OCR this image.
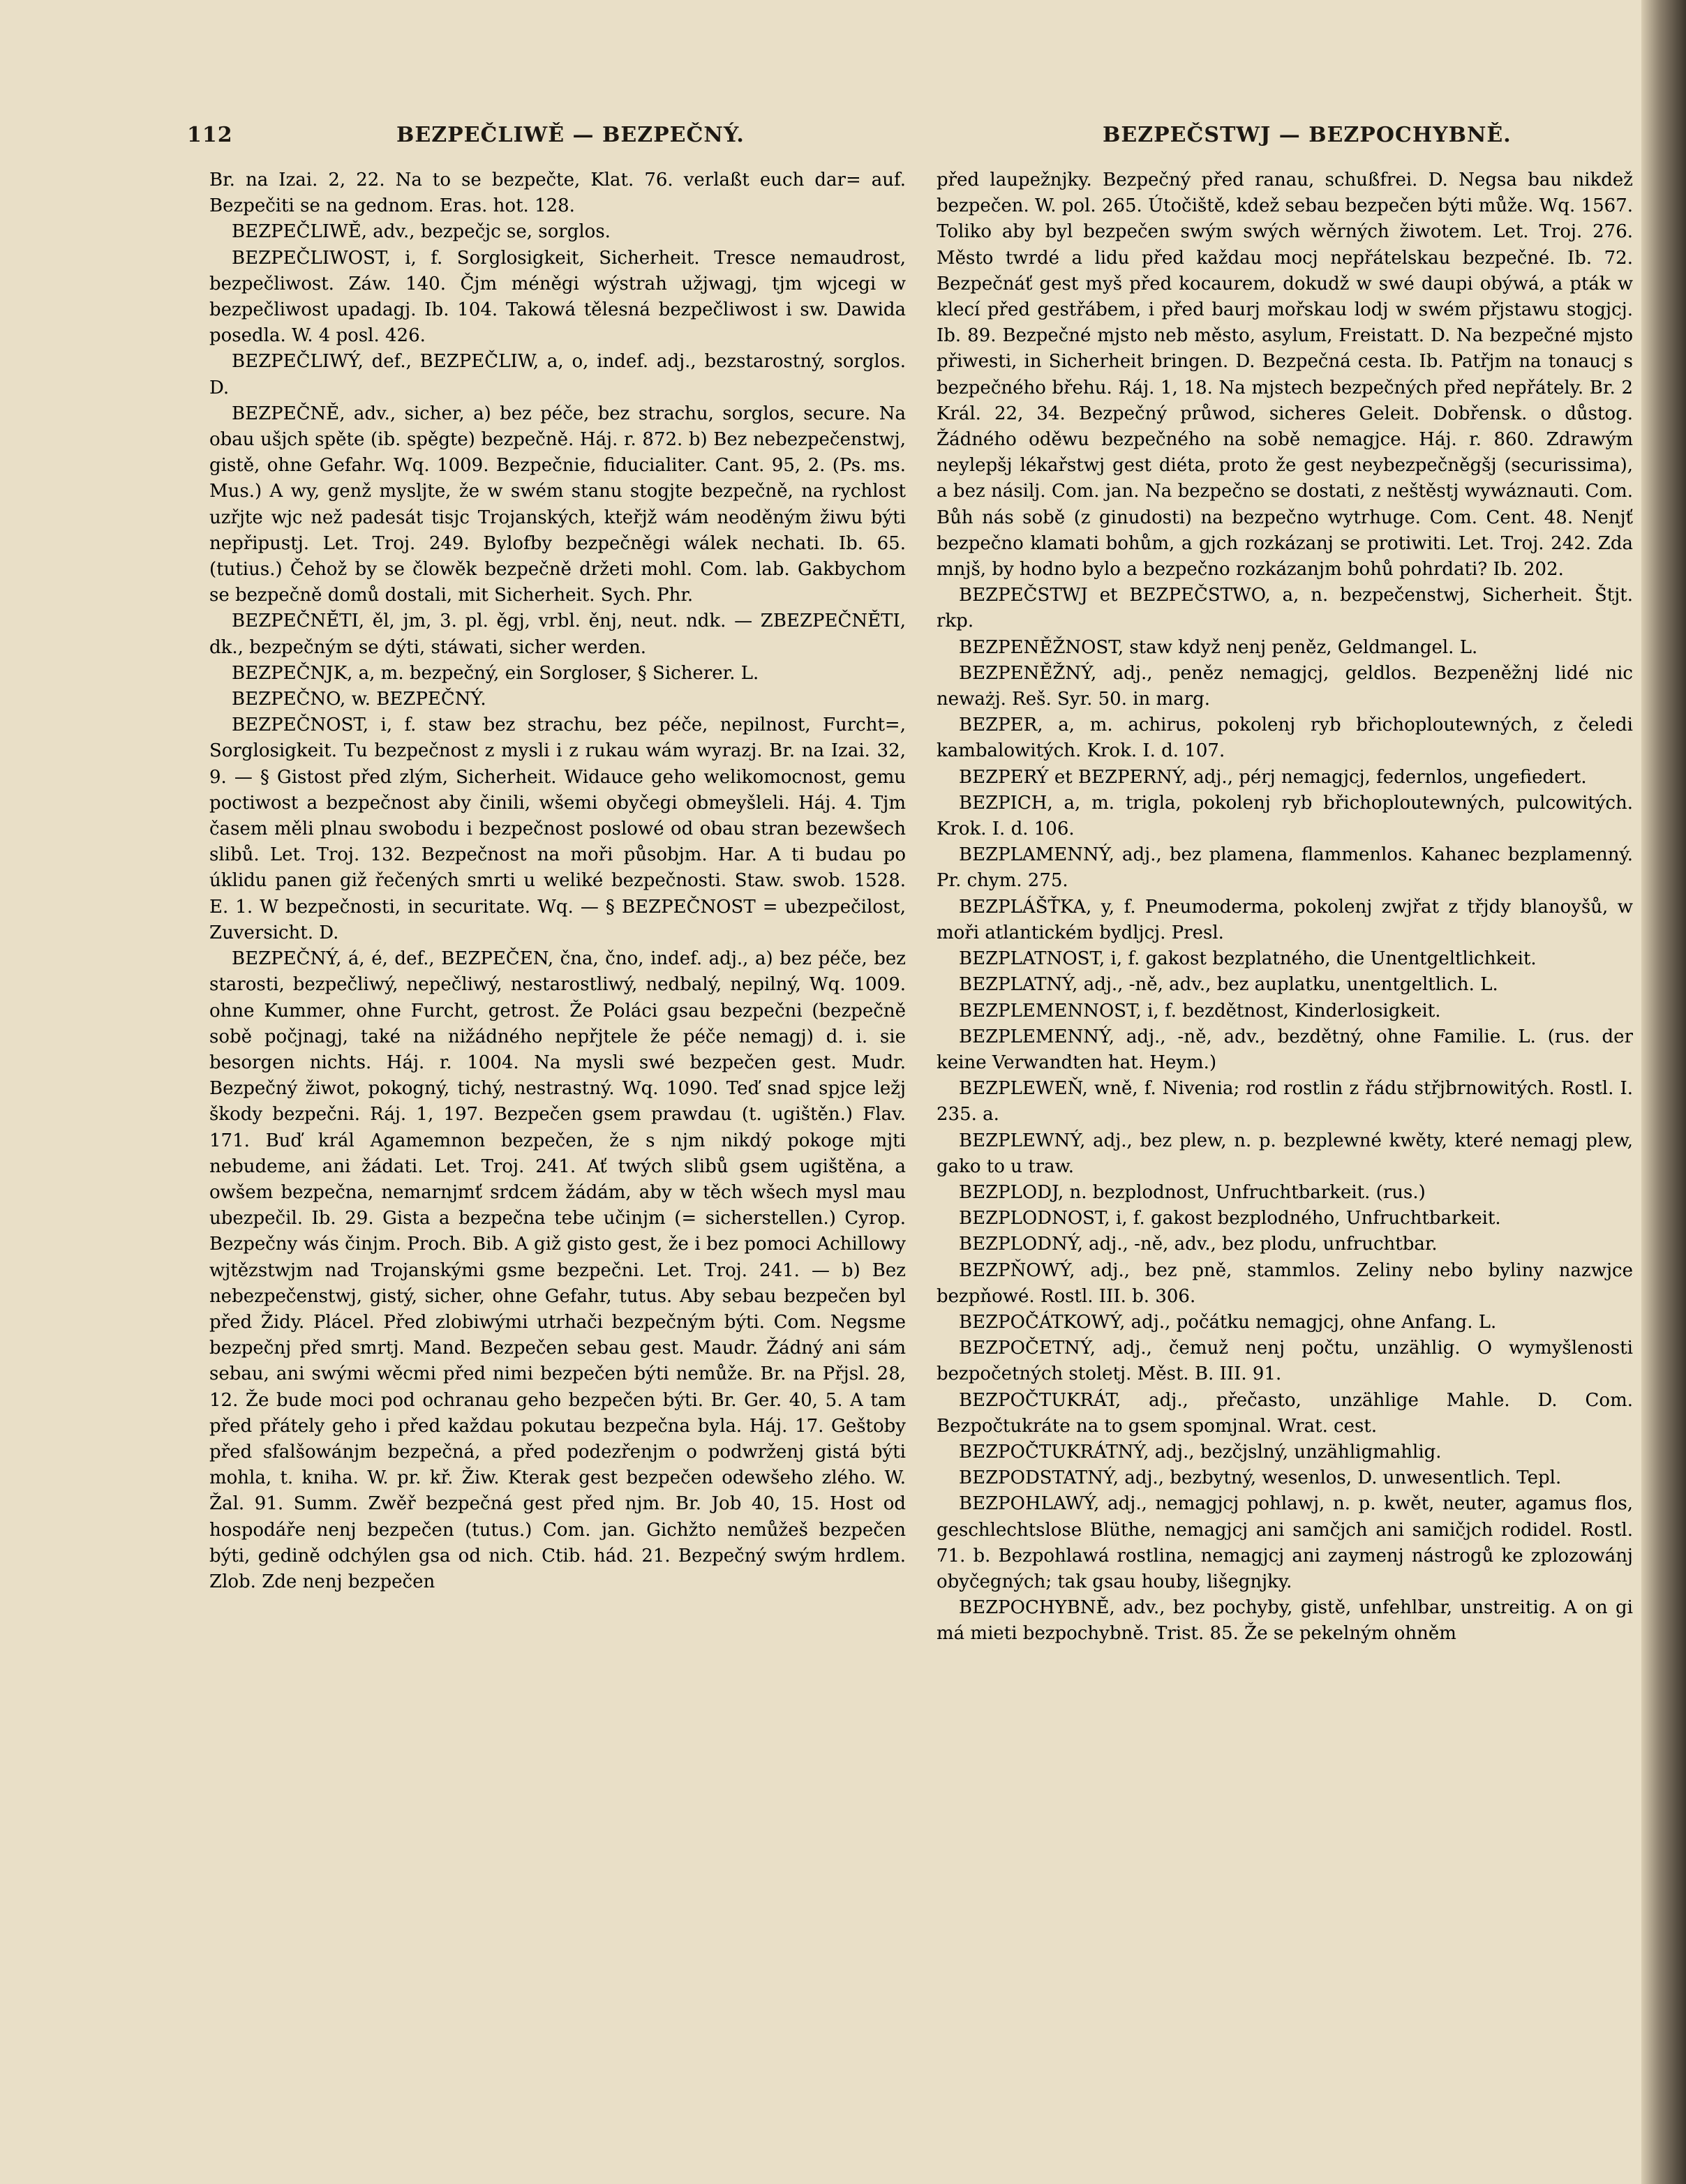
112	BEZPEČLIWĚ — BEZPEČNÝ.	BEZPEČSTWJ — BEZPOCHYBNĚ.

Br. na Izai. 2, 22. Na to se bezpečte, Klat. 76. verlaßt euch dar= auf. Bezpečiti se na gednom. Eras. hot. 128.

BEZPEČLIWĚ, adv., bezpečjc se, sorglos.

BEZPEČLIWOST, i, f. Sorglosigkeit, Sicherheit. Tresce nemaudrost, bezpečliwost. Záw. 140. Čjm méněgi wýstrah užjwagj, tjm wjcegi w bezpečliwost upadagj. Ib. 104. Takowá tělesná bezpečliwost i sw. Dawida posedla. W. 4 posl. 426.

BEZPEČLIWÝ, def., BEZPEČLIW, a, o, indef. adj., bezstarostný, sorglos. D.

BEZPEČNĚ, adv., sicher, a) bez péče, bez strachu, sorglos, secure. Na obau ušjch spěte (ib. spěgte) bezpečně. Háj. r. 872. b) Bez nebezpečenstwj, gistě, ohne Gefahr. Wq. 1009. Bezpečnie, fiducialiter. Cant. 95, 2. (Ps. ms. Mus.) A wy, genž mysljte, že w swém stanu stogjte bezpečně, na rychlost uzřjte wjc než padesát tisjc Trojanských, kteřjž wám neoděným žiwu býti nepřipustj. Let. Troj. 249. Bylofby bezpečněgi wálek nechati. Ib. 65. (tutius.) Čehož by se člowěk bezpečně držeti mohl. Com. lab. Gakbychom se bezpečně domů dostali, mit Sicherheit. Sych. Phr.

BEZPEČNĚTI, ěl, jm, 3. pl. ěgj, vrbl. ěnj, neut. ndk. — ZBEZPEČNĚTI, dk., bezpečným se dýti, stáwati, sicher werden.

BEZPEČNJK, a, m. bezpečný, ein Sorgloser, § Sicherer. L.

BEZPEČNO, w. BEZPEČNÝ.

BEZPEČNOST, i, f. staw bez strachu, bez péče, nepilnost, Furcht=, Sorglosigkeit. Tu bezpečnost z mysli i z rukau wám wyrazj. Br. na Izai. 32, 9. — § Gistost před zlým, Sicherheit. Widauce geho welikomocnost, gemu poctiwost a bezpečnost aby činili, wšemi obyčegi obmeyšleli. Háj. 4. Tjm časem měli plnau swobodu i bezpečnost poslowé od obau stran bezewšech slibů. Let. Troj. 132. Bezpečnost na moři působjm. Har. A ti budau po úklidu panen giž řečených smrti u weliké bezpečnosti. Staw. swob. 1528. E. 1. W bezpečnosti, in securitate. Wq. — § BEZPEČNOST = ubezpečilost, Zuversicht. D.

BEZPEČNÝ, á, é, def., BEZPEČEN, čna, čno, indef. adj., a) bez péče, bez starosti, bezpečliwý, nepečliwý, nestarostliwý, nedbalý, nepilný, Wq. 1009. ohne Kummer, ohne Furcht, getrost. Že Poláci gsau bezpečni (bezpečně sobě počjnagj, také na nižádného nepřjtele že péče nemagj) d. i. sie besorgen nichts. Háj. r. 1004. Na mysli swé bezpečen gest. Mudr. Bezpečný žiwot, pokogný, tichý, nestrastný. Wq. 1090. Teď snad spjce ležj škody bezpečni. Ráj. 1, 197. Bezpečen gsem prawdau (t. ugištěn.) Flav. 171. Buď král Agamemnon bezpečen, že s njm nikdý pokoge mjti nebudeme, ani žádati. Let. Troj. 241. Ať twých slibů gsem ugištěna, a owšem bezpečna, nemarnjmť srdcem žádám, aby w těch wšech mysl mau ubezpečil. Ib. 29. Gista a bezpečna tebe učinjm (= sicherstellen.) Cyrop. Bezpečny wás činjm. Proch. Bib. A giž gisto gest, že i bez pomoci Achillowy wjtězstwjm nad Trojanskými gsme bezpečni. Let. Troj. 241. — b) Bez nebezpečenstwj, gistý, sicher, ohne Gefahr, tutus. Aby sebau bezpečen byl před Židy. Plácel. Před zlobiwými utrhači bezpečným býti. Com. Negsme bezpečnj před smrtj. Mand. Bezpečen sebau gest. Maudr. Žádný ani sám sebau, ani swými wěcmi před nimi bezpečen býti nemůže. Br. na Přjsl. 28, 12. Že bude moci pod ochranau geho bezpečen býti. Br. Ger. 40, 5. A tam před přátely geho i před každau pokutau bezpečna byla. Háj. 17. Geštoby před sfalšowánjm bezpečná, a před podezřenjm o podwrženj gistá býti mohla, t. kniha. W. pr. kř. Žiw. Kterak gest bezpečen odewšeho zlého. W. Žal. 91. Summ. Zwěř bezpečná gest před njm. Br. Job 40, 15. Host od hospodáře nenj bezpečen (tutus.) Com. jan. Gichžto nemůžeš bezpečen býti, gedině odchýlen gsa od nich. Ctib. hád. 21. Bezpečný swým hrdlem. Zlob. Zde nenj bezpečen

před laupežnjky. Bezpečný před ranau, schußfrei. D. Negsa bau nikdež bezpečen. W. pol. 265. Útočiště, kdež sebau bezpečen býti může. Wq. 1567. Toliko aby byl bezpečen swým swých wěrných žiwotem. Let. Troj. 276. Město twrdé a lidu před každau mocj nepřátelskau bezpečné. Ib. 72. Bezpečnáť gest myš před kocaurem, dokudž w swé daupi obýwá, a pták w klecí před gestřábem, i před baurj mořskau lodj w swém přjstawu stogjcj. Ib. 89. Bezpečné mjsto neb město, asylum, Freistatt. D. Na bezpečné mjsto přiwesti, in Sicherheit bringen. D. Bezpečná cesta. Ib. Patřjm na tonaucj s bezpečného břehu. Ráj. 1, 18. Na mjstech bezpečných před nepřátely. Br. 2 Král. 22, 34. Bezpečný průwod, sicheres Geleit. Dobřensk. o důstog. Žádného oděwu bezpečného na sobě nemagjce. Háj. r. 860. Zdrawým neylepšj lékařstwj gest diéta, proto že gest neybezpečněgšj (securissima), a bez násilj. Com. jan. Na bezpečno se dostati, z neštěstj wywáznauti. Com. Bůh nás sobě (z ginudosti) na bezpečno wytrhuge. Com. Cent. 48. Nenjť bezpečno klamati bohům, a gjch rozkázanj se protiwiti. Let. Troj. 242. Zda mnjš, by hodno bylo a bezpečno rozkázanjm bohů pohrdati? Ib. 202.

BEZPEČSTWJ et BEZPEČSTWO, a, n. bezpečenstwj, Sicherheit. Štjt. rkp.

BEZPENĚŽNOST, staw když nenj peněz, Geldmangel. L.

BEZPENĚŽNÝ, adj., peněz nemagjcj, geldlos. Bezpeněžnj lidé nic neważj. Reš. Syr. 50. in marg.

BEZPER, a, m. achirus, pokolenj ryb břichoploutewných, z čeledi kambalowitých. Krok. I. d. 107.

BEZPERÝ et BEZPERNÝ, adj., pérj nemagjcj, federnlos, ungefiedert.

BEZPICH, a, m. trigla, pokolenj ryb břichoploutewných, pulcowitých. Krok. I. d. 106.

BEZPLAMENNÝ, adj., bez plamena, flammenlos. Kahanec bezplamenný. Pr. chym. 275.

BEZPLÁŠŤKA, y, f. Pneumoderma, pokolenj zwjřat z třjdy blanoyšů, w moři atlantickém bydljcj. Presl.

BEZPLATNOST, i, f. gakost bezplatného, die Unentgeltlichkeit.

BEZPLATNÝ, adj., -ně, adv., bez auplatku, unentgeltlich. L.

BEZPLEMENNOST, i, f. bezdětnost, Kinderlosigkeit.

BEZPLEMENNÝ, adj., -ně, adv., bezdětný, ohne Familie. L. (rus. der keine Verwandten hat. Heym.)

BEZPLEWEŇ, wně, f. Nivenia; rod rostlin z řádu střjbrnowitých. Rostl. I. 235. a.

BEZPLEWNÝ, adj., bez plew, n. p. bezplewné kwěty, které nemagj plew, gako to u traw.

BEZPLODJ, n. bezplodnost, Unfruchtbarkeit. (rus.)

BEZPLODNOST, i, f. gakost bezplodného, Unfruchtbarkeit.

BEZPLODNÝ, adj., -ně, adv., bez plodu, unfruchtbar.

BEZPŇOWÝ, adj., bez pně, stammlos. Zeliny nebo byliny nazwjce bezpňowé. Rostl. III. b. 306.

BEZPOČÁTKOWÝ, adj., počátku nemagjcj, ohne Anfang. L.

BEZPOČETNÝ, adj., čemuž nenj počtu, unzählig. O wymyšlenosti bezpočetných stoletj. Měst. B. III. 91.

BEZPOČTUKRÁT, adj., přečasto, unzählige Mahle. D. Com. Bezpočtukráte na to gsem spomjnal. Wrat. cest.

BEZPOČTUKRÁTNÝ, adj., bezčjslný, unzähligmahlig.

BEZPODSTATNÝ, adj., bezbytný, wesenlos, D. unwesentlich. Tepl.

BEZPOHLAWÝ, adj., nemagjcj pohlawj, n. p. kwět, neuter, agamus flos, geschlechtslose Blüthe, nemagjcj ani samčjch ani samičjch rodidel. Rostl. 71. b. Bezpohlawá rostlina, nemagjcj ani zaymenj nástrogů ke zplozowánj obyčegných; tak gsau houby, lišegnjky.

BEZPOCHYBNĚ, adv., bez pochyby, gistě, unfehlbar, unstreitig. A on gi má mieti bezpochybně. Trist. 85. Že se pekelným ohněm
